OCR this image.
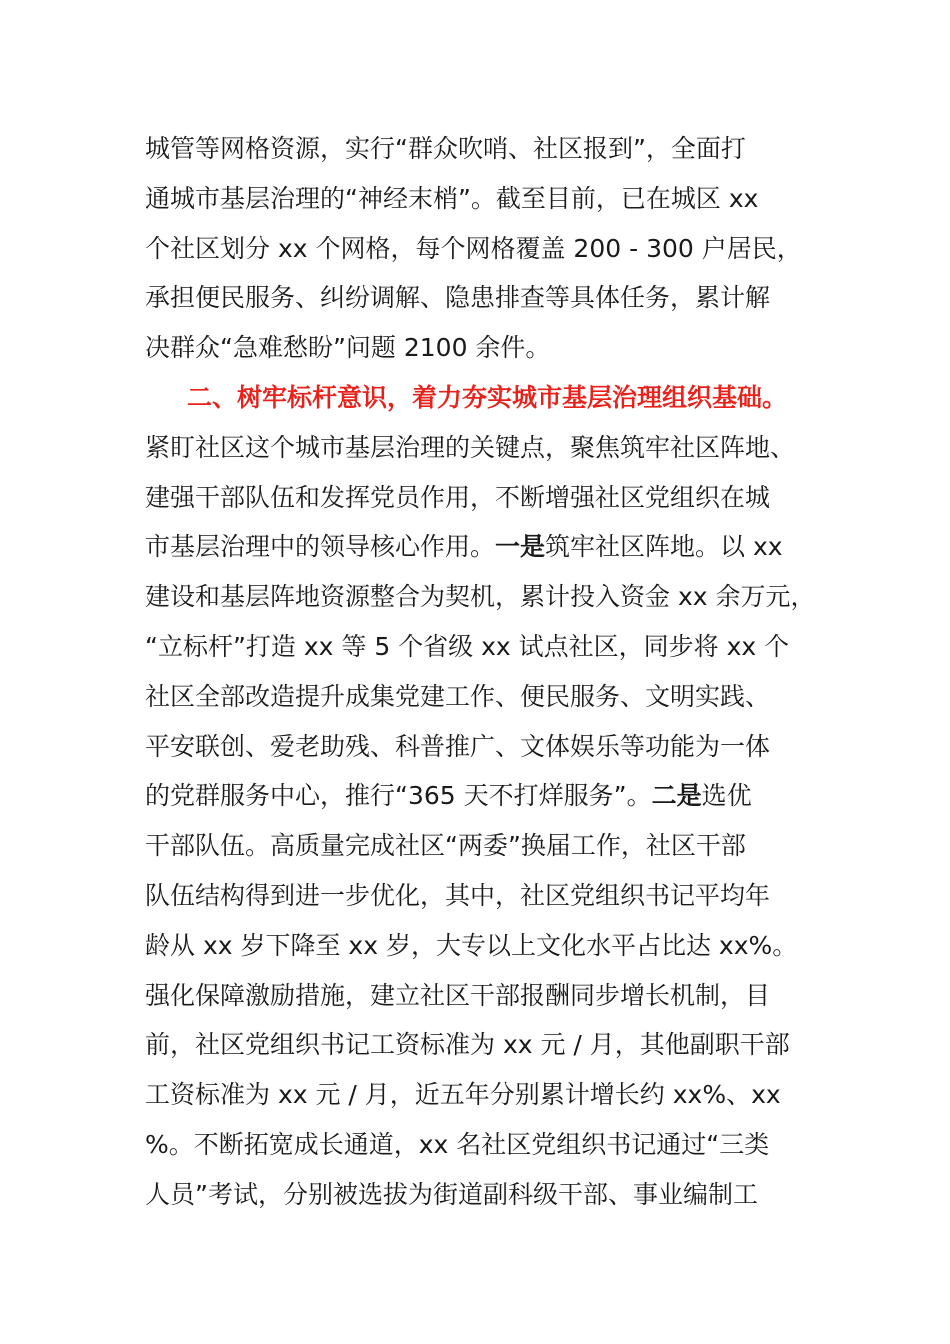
城管等网格资源，实行“群众吹哨、社区报到”，全面打
通城市基层治理的“神经末梢”。截至目前，已在城区 xx
个社区划分 xx 个网格，每个网格覆盖 200 - 300 户居民，
承担便民服务、纠纷调解、隐患排查等具体任务，累计解
决群众“急难愁盼”问题 2100 余件。
二、树牢标杆意识，着力夯实城市基层治理组织基础。
紧盯社区这个城市基层治理的关键点，聚焦筑牢社区阵地、
建强干部队伍和发挥党员作用，不断增强社区党组织在城
市基层治理中的领导核心作用。一是筑牢社区阵地。以 xx
建设和基层阵地资源整合为契机，累计投入资金 xx 余万元，
“立标杆”打造 xx 等 5 个省级 xx 试点社区，同步将 xx 个
社区全部改造提升成集党建工作、便民服务、文明实践、
平安联创、爱老助残、科普推广、文体娱乐等功能为一体
的党群服务中心，推行“365 天不打烊服务”。二是选优
干部队伍。高质量完成社区“两委”换届工作，社区干部
队伍结构得到进一步优化，其中，社区党组织书记平均年
龄从 xx 岁下降至 xx 岁，大专以上文化水平占比达 xx%。
强化保障激励措施，建立社区干部报酬同步增长机制，目
前，社区党组织书记工资标准为 xx 元 / 月，其他副职干部
工资标准为 xx 元 / 月，近五年分别累计增长约 xx%、xx
%。不断拓宽成长通道，xx 名社区党组织书记通过“三类
人员”考试，分别被选拔为街道副科级干部、事业编制工
